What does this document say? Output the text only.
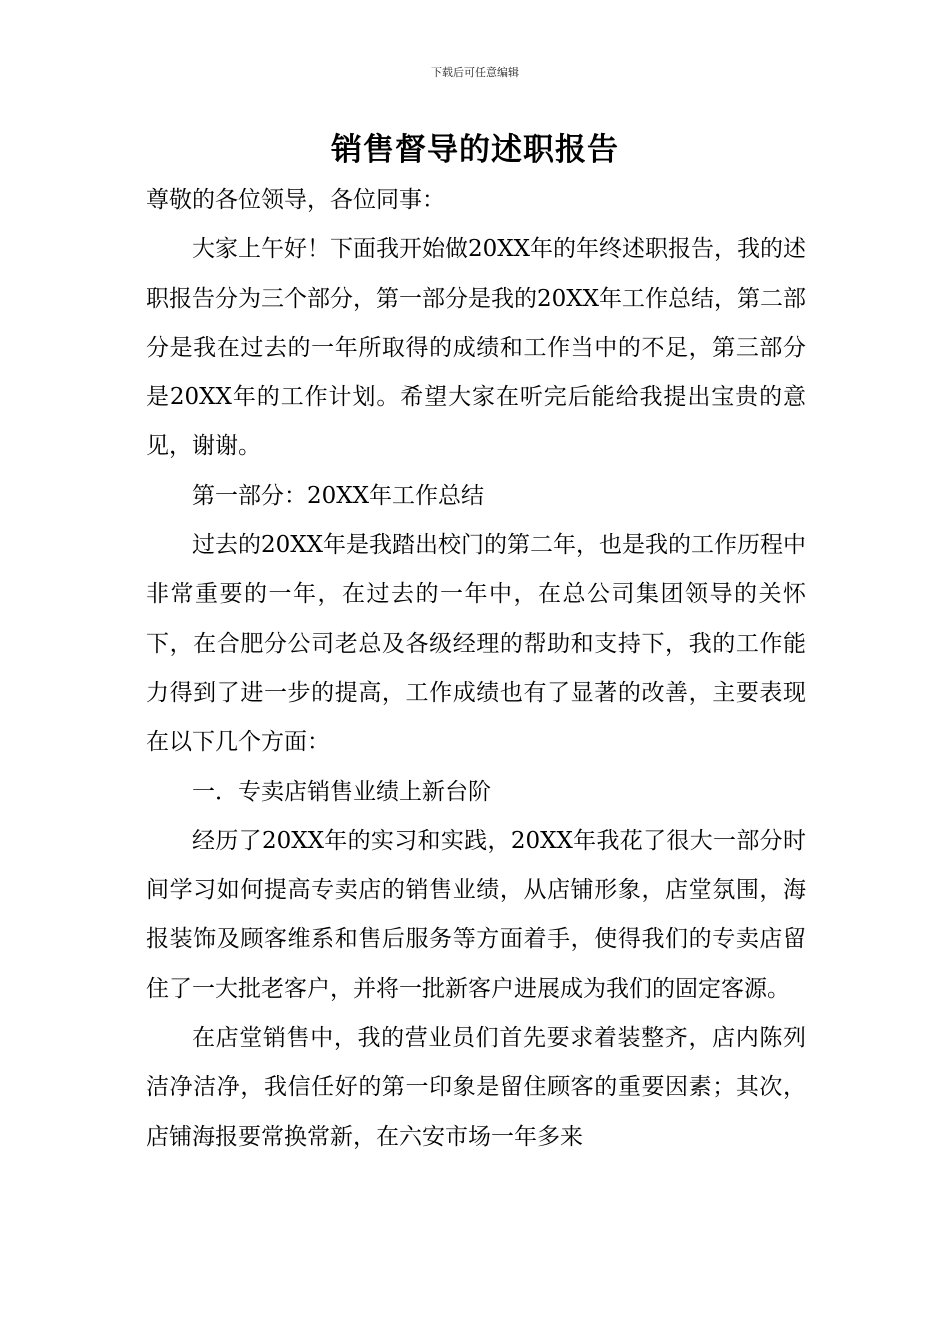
下载后可任意编辑
销售督导的述职报告

尊敬的各位领导，各位同事：

大家上午好！下面我开始做20XX年的年终述职报告，我的述职报告分为三个部分，第一部分是我的20XX年工作总结，第二部分是我在过去的一年所取得的成绩和工作当中的不足，第三部分是20XX年的工作计划。希望大家在听完后能给我提出宝贵的意见，谢谢。

第一部分：20XX年工作总结

过去的20XX年是我踏出校门的第二年，也是我的工作历程中非常重要的一年，在过去的一年中，在总公司集团领导的关怀下，在合肥分公司老总及各级经理的帮助和支持下，我的工作能力得到了进一步的提高，工作成绩也有了显著的改善，主要表现在以下几个方面：

一．专卖店销售业绩上新台阶

经历了20XX年的实习和实践，20XX年我花了很大一部分时间学习如何提高专卖店的销售业绩，从店铺形象，店堂氛围，海报装饰及顾客维系和售后服务等方面着手，使得我们的专卖店留住了一大批老客户，并将一批新客户进展成为我们的固定客源。

在店堂销售中，我的营业员们首先要求着装整齐，店内陈列洁净洁净，我信任好的第一印象是留住顾客的重要因素；其次，店铺海报要常换常新，在六安市场一年多来
